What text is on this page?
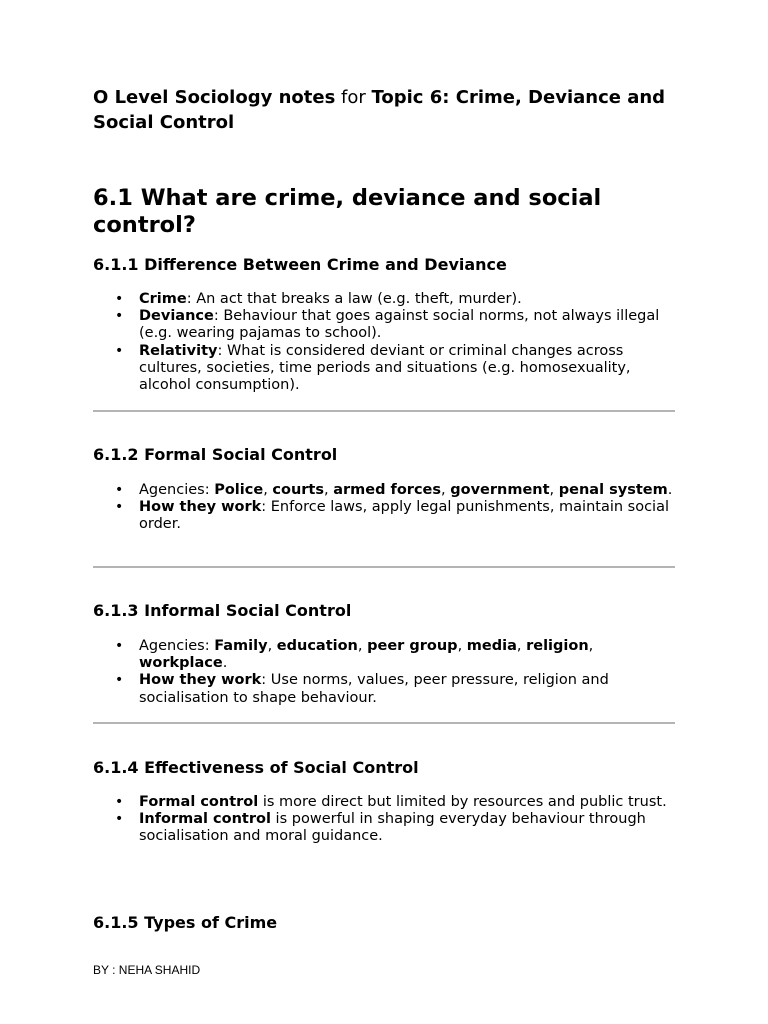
O Level Sociology notes for Topic 6: Crime, Deviance and Social Control

6.1 What are crime, deviance and social control?
6.1.1 Difference Between Crime and Deviance
• Crime: An act that breaks a law (e.g. theft, murder).
• Deviance: Behaviour that goes against social norms, not always illegal (e.g. wearing pajamas to school).
• Relativity: What is considered deviant or criminal changes across cultures, societies, time periods and situations (e.g. homosexuality, alcohol consumption).
6.1.2 Formal Social Control
• Agencies: Police, courts, armed forces, government, penal system.
• How they work: Enforce laws, apply legal punishments, maintain social order.
6.1.3 Informal Social Control
• Agencies: Family, education, peer group, media, religion, workplace.
• How they work: Use norms, values, peer pressure, religion and socialisation to shape behaviour.
6.1.4 Effectiveness of Social Control
• Formal control is more direct but limited by resources and public trust.
• Informal control is powerful in shaping everyday behaviour through socialisation and moral guidance.
6.1.5 Types of Crime
BY : NEHA SHAHID
